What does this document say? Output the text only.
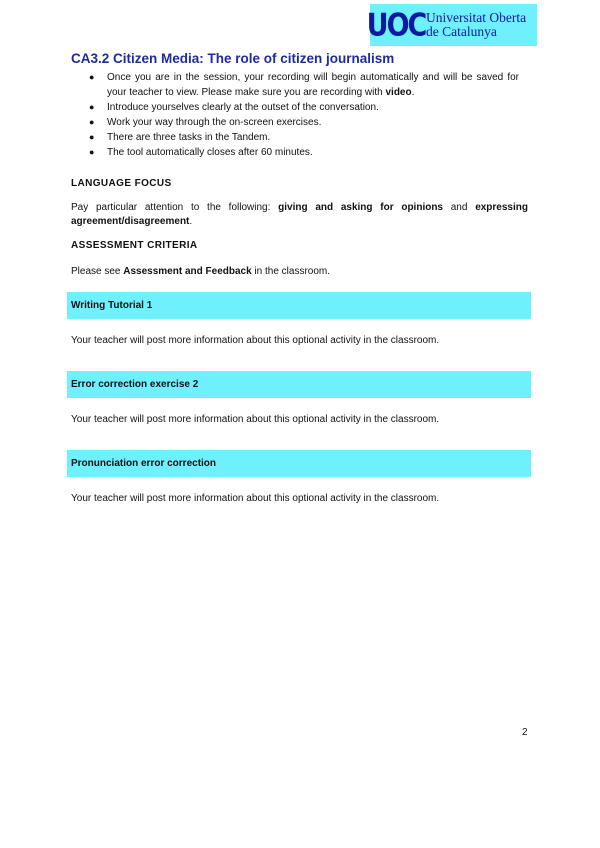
UOC Universitat Oberta
de Catalunya
CA3.2 Citizen Media: The role of citizen journalism
● Once you are in the session, your recording will begin automatically and will be saved for your teacher to view. Please make sure you are recording with video.
● Introduce yourselves clearly at the outset of the conversation.
● Work your way through the on-screen exercises.
● There are three tasks in the Tandem.
● The tool automatically closes after 60 minutes.
LANGUAGE FOCUS

Pay particular attention to the following: giving and asking for opinions and expressing agreement/disagreement.

ASSESSMENT CRITERIA

Please see Assessment and Feedback in the classroom.

Writing Tutorial 1

Your teacher will post more information about this optional activity in the classroom.

Error correction exercise 2

Your teacher will post more information about this optional activity in the classroom.

Pronunciation error correction

Your teacher will post more information about this optional activity in the classroom.

2
